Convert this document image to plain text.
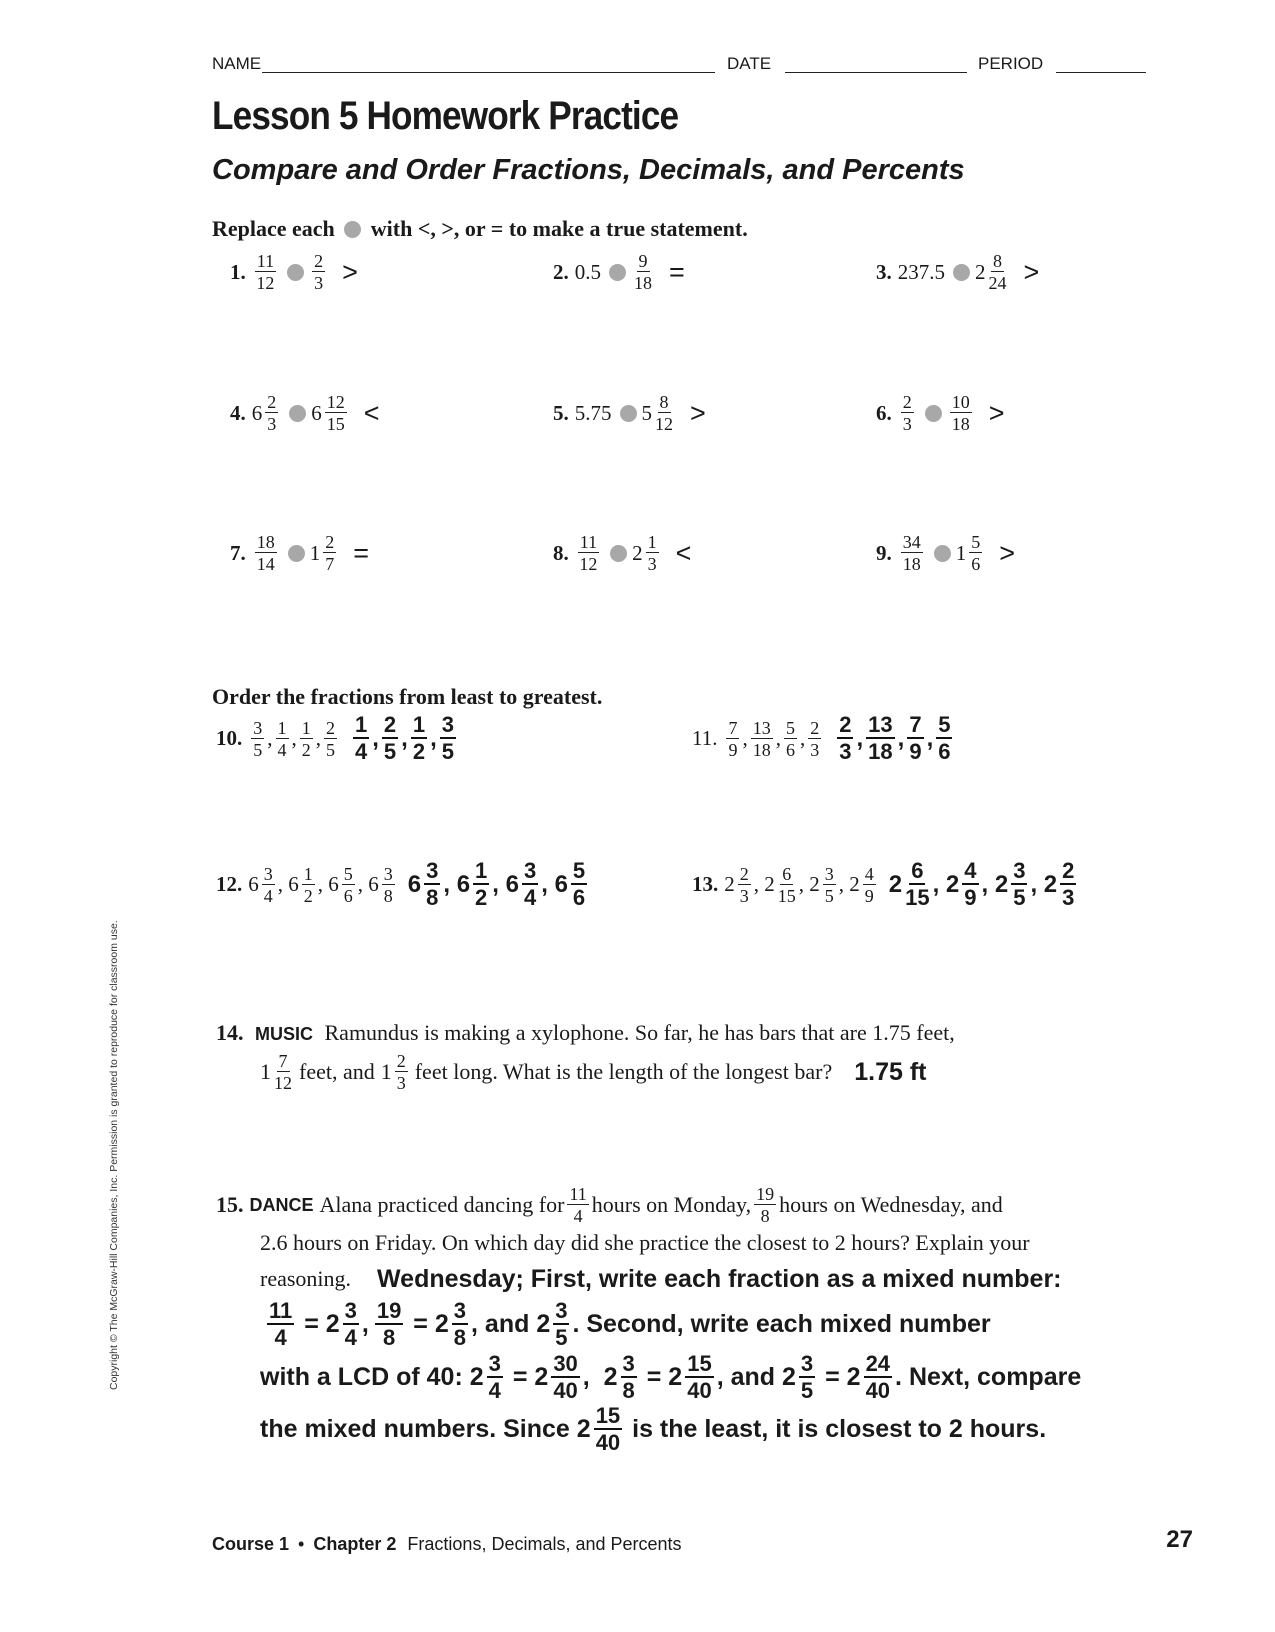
NAME	DATE	PERIOD
Lesson 5 Homework Practice
Compare and Order Fractions, Decimals, and Percents
Replace each with <, >, or = to make a true statement.
1. $\frac{11}{12} \frac{2}{3}$ >	2. $0.5 \frac{9}{18}$ =	3. 237.5 $2 \frac{8}{24}$ >
4. $6 \frac{2}{3} 6 \frac{12}{15}$ <	5. 5.75 $5 \frac{8}{12}$ >	6. $\frac{2}{3} \frac{10}{18}$ >
7. $\frac{18}{14} 1 \frac{2}{7}$ =	8. $\frac{11}{12} 2 \frac{1}{3}$ <	9. $\frac{34}{18} 1 \frac{5}{6}$ >
Order the fractions from least to greatest.
10. $\frac{3}{5}$ , $\frac{1}{4}$ , $\frac{1}{2}$ , $\frac{2}{5} \frac{1}{4}$ , $\frac{2}{5}$ , $\frac{1}{2}$ , $\frac{3}{5}$	11. $\frac{7}{9}$ , $\frac{13}{18}$ , $\frac{5}{6}$ , $\frac{2}{3} \frac{2}{3}$ , $\frac{13}{18}$ , $\frac{7}{9}$ , $\frac{5}{6}$
12. $6 \frac{3}{4}$ , $6 \frac{1}{2}$ , $6 \frac{5}{6}$ , $6 \frac{3}{8} 6 \frac{3}{8}$ , $6 \frac{1}{2}$ , $6 \frac{3}{4}$ , $6 \frac{5}{6}$	13. $2 \frac{2}{3}$ , $2 \frac{6}{15}$ , $2 \frac{3}{5}$ , $2 \frac{4}{9} 2 \frac{6}{15}$ , $2 \frac{4}{9}$ , $2 \frac{3}{5}$ , $2 \frac{2}{3}$
14. MUSIC Ramundus is making a xylophone. So far, he has bars that are 1.75 feet,
$1 \frac{7}{12}$ feet, and $1 \frac{2}{3}$ feet long. What is the length of the longest bar? 1.75 ft
15. DANCE Alana practiced dancing for $\frac{11}{4}$ hours on Monday, $\frac{19}{8}$ hours on Wednesday, and
2.6 hours on Friday. On which day did she practice the closest to 2 hours? Explain your
reasoning. Wednesday; First, write each fraction as a mixed number:
$\frac{11}{4} = 2 \frac{3}{4}$ , $\frac{19}{8} = 2 \frac{3}{8}$ , and $2 \frac{3}{5}$ . Second, write each mixed number
with a LCD of 40: $2 \frac{3}{4} = 2 \frac{30}{40}$ ,  $2 \frac{3}{8} = 2 \frac{15}{40}$ , and $2 \frac{3}{5} = 2 \frac{24}{40}$ . Next, compare
the mixed numbers. Since $2 \frac{15}{40}$
is the least, it is closest to 2 hours.
Copyright © The McGraw-Hill Companies, Inc. Permission is granted to reproduce for classroom use.
Course 1 • Chapter 2 Fractions, Decimals, and Percents	27
